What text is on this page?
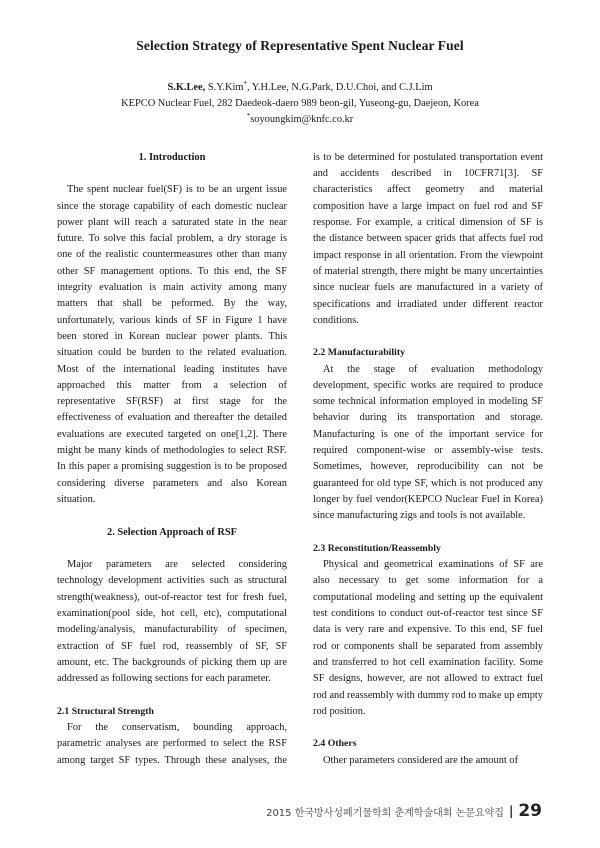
Selection Strategy of Representative Spent Nuclear Fuel
S.K.Lee, S.Y.Kim*, Y.H.Lee, N.G.Park, D.U.Choi, and C.J.Lim
KEPCO Nuclear Fuel, 282 Daedeok-daero 989 beon-gil, Yuseong-gu, Daejeon, Korea
*soyoungkim@knfc.co.kr
1. Introduction

The spent nuclear fuel(SF) is to be an urgent issue since the storage capability of each domestic nuclear power plant will reach a saturated state in the near future. To solve this facial problem, a dry storage is one of the realistic countermeasures other than many other SF management options. To this end, the SF integrity evaluation is main activity among many matters that shall be peformed. By the way, unfortunately, various kinds of SF in Figure 1 have been stored in Korean nuclear power plants. This situation could be burden to the related evaluation. Most of the international leading institutes have approached this matter from a selection of representative SF(RSF) at first stage for the effectiveness of evaluation and thereafter the detailed evaluations are executed targeted on one[1,2]. There might be many kinds of methodologies to select RSF. In this paper a promising suggestion is to be proposed considering diverse parameters and also Korean situation.

2. Selection Approach of RSF

Major parameters are selected considering technology development activities such as structural strength(weakness), out-of-reactor test for fresh fuel, examination(pool side, hot cell, etc), computational modeling/analysis, manufacturability of specimen, extraction of SF fuel rod, reassembly of SF, SF amount, etc. The backgrounds of picking them up are addressed as following sections for each parameter.

2.1 Structural Strength

For the conservatism, bounding approach, parametric analyses are performed to select the RSF among target SF types. Through these analyses, the

is to be determined for postulated transportation event and accidents described in 10CFR71[3]. SF characteristics affect geometry and material composition have a large impact on fuel rod and SF response. For example, a critical dimension of SF is the distance between spacer grids that affects fuel rod impact response in all orientation. From the viewpoint of material strength, there might be many uncertainties since nuclear fuels are manufactured in a variety of specifications and irradiated under different reactor conditions.

2.2 Manufacturability

At the stage of evaluation methodology development, specific works are required to produce some technical information employed in modeling SF behavior during its transportation and storage. Manufacturing is one of the important service for required component-wise or assembly-wise tests. Sometimes, however, reproducibility can not be guaranteed for old type SF, which is not produced any longer by fuel vendor(KEPCO Nuclear Fuel in Korea) since manufacturing zigs and tools is not available.

2.3 Reconstitution/Reassembly

Physical and geometrical examinations of SF are also necessary to get some information for a computational modeling and setting up the equivalent test conditions to conduct out-of-reactor test since SF data is very rare and expensive. To this end, SF fuel rod or components shall be separated from assembly and transferred to hot cell examination facility. Some SF designs, however, are not allowed to extract fuel rod and reassembly with dummy rod to make up empty rod position.

2.4 Others

Other parameters considered are the amount of

2015 한국방사성폐기물학회 춘계학술대회 논문요약집 | 29
